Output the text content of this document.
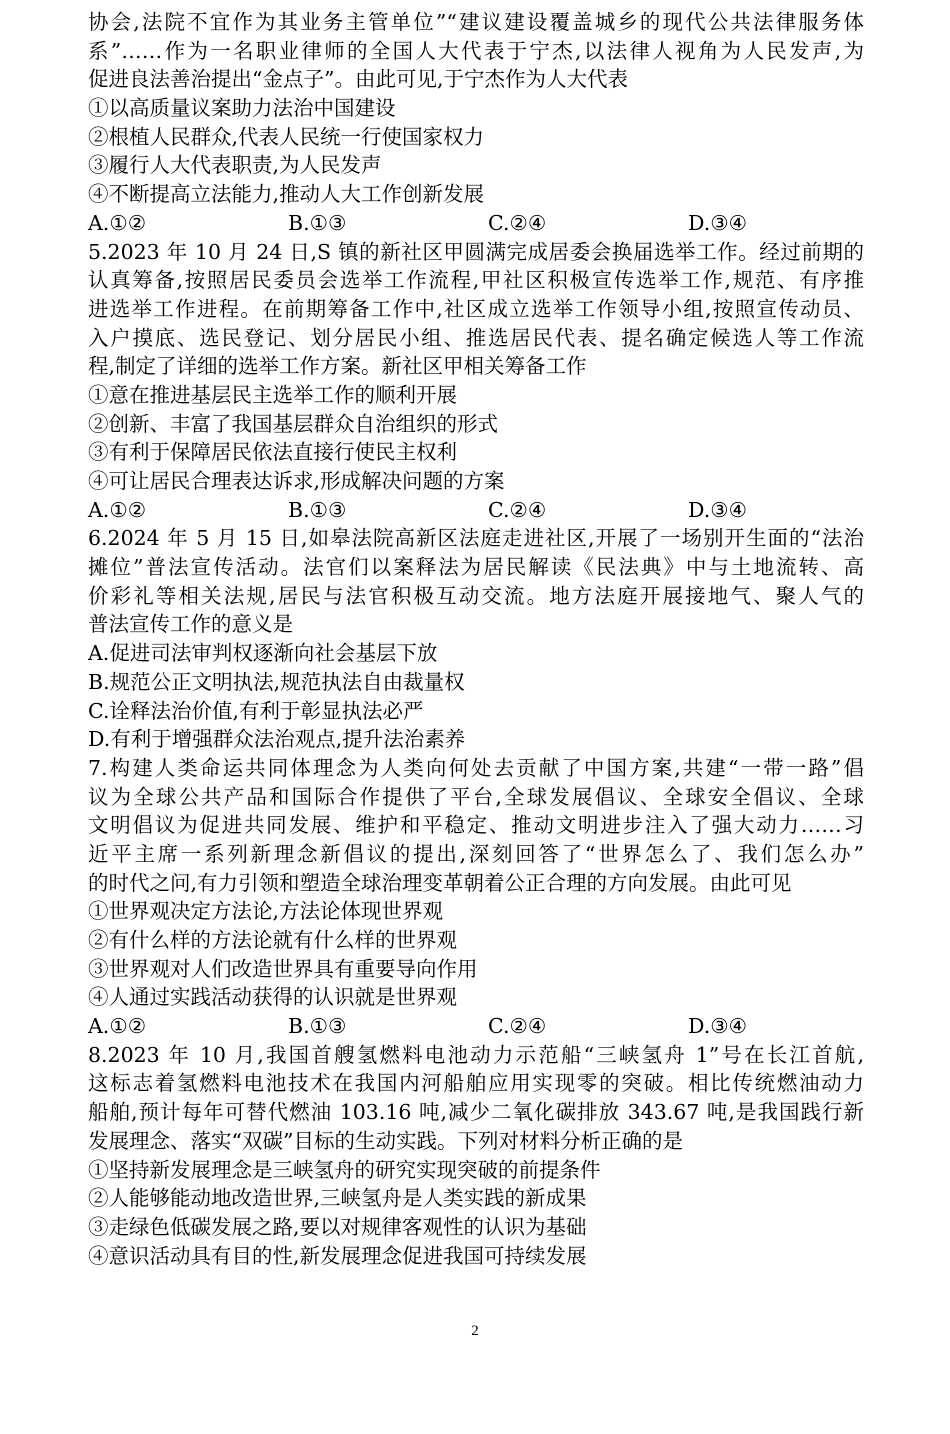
协会,法院不宜作为其业务主管单位”“建议建设覆盖城乡的现代公共法律服务体
系”……作为一名职业律师的全国人大代表于宁杰,以法律人视角为人民发声,为
促进良法善治提出“金点子”。由此可见,于宁杰作为人大代表
①以高质量议案助力法治中国建设
②根植人民群众,代表人民统一行使国家权力
③履行人大代表职责,为人民发声
④不断提高立法能力,推动人大工作创新发展
A.①②	B.①③	C.②④	D.③④
5.2023 年 10 月 24 日,S 镇的新社区甲圆满完成居委会换届选举工作。经过前期的
认真筹备,按照居民委员会选举工作流程,甲社区积极宣传选举工作,规范、有序推
进选举工作进程。在前期筹备工作中,社区成立选举工作领导小组,按照宣传动员、
入户摸底、选民登记、划分居民小组、推选居民代表、提名确定候选人等工作流
程,制定了详细的选举工作方案。新社区甲相关筹备工作
①意在推进基层民主选举工作的顺利开展
②创新、丰富了我国基层群众自治组织的形式
③有利于保障居民依法直接行使民主权利
④可让居民合理表达诉求,形成解决问题的方案
A.①②	B.①③	C.②④	D.③④
6.2024 年 5 月 15 日,如皋法院高新区法庭走进社区,开展了一场别开生面的“法治
摊位”普法宣传活动。法官们以案释法为居民解读《民法典》中与土地流转、高
价彩礼等相关法规,居民与法官积极互动交流。地方法庭开展接地气、聚人气的
普法宣传工作的意义是
A.促进司法审判权逐渐向社会基层下放
B.规范公正文明执法,规范执法自由裁量权
C.诠释法治价值,有利于彰显执法必严
D.有利于增强群众法治观点,提升法治素养
7.构建人类命运共同体理念为人类向何处去贡献了中国方案,共建“一带一路”倡
议为全球公共产品和国际合作提供了平台,全球发展倡议、全球安全倡议、全球
文明倡议为促进共同发展、维护和平稳定、推动文明进步注入了强大动力……习
近平主席一系列新理念新倡议的提出,深刻回答了“世界怎么了、我们怎么办”
的时代之问,有力引领和塑造全球治理变革朝着公正合理的方向发展。由此可见
①世界观决定方法论,方法论体现世界观
②有什么样的方法论就有什么样的世界观
③世界观对人们改造世界具有重要导向作用
④人通过实践活动获得的认识就是世界观
A.①②	B.①③	C.②④	D.③④
8.2023 年 10 月,我国首艘氢燃料电池动力示范船“三峡氢舟 1”号在长江首航,
这标志着氢燃料电池技术在我国内河船舶应用实现零的突破。相比传统燃油动力
船舶,预计每年可替代燃油 103.16 吨,减少二氧化碳排放 343.67 吨,是我国践行新
发展理念、落实“双碳”目标的生动实践。下列对材料分析正确的是
①坚持新发展理念是三峡氢舟的研究实现突破的前提条件
②人能够能动地改造世界,三峡氢舟是人类实践的新成果
③走绿色低碳发展之路,要以对规律客观性的认识为基础
④意识活动具有目的性,新发展理念促进我国可持续发展
2
